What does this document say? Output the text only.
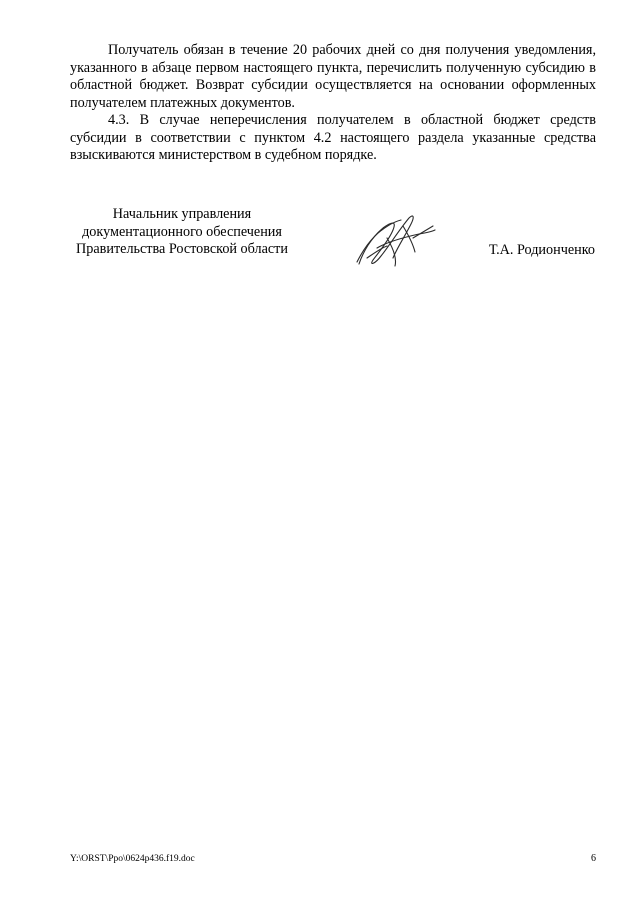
Получатель обязан в течение 20 рабочих дней со дня получения уведомления, указанного в абзаце первом настоящего пункта, перечислить полученную субсидию в областной бюджет. Возврат субсидии осуществляется на основании оформленных получателем платежных документов.

4.3. В случае неперечисления получателем в областной бюджет средств субсидии в соответствии с пунктом 4.2 настоящего раздела указанные средства взыскиваются министерством в судебном порядке.

Начальник управления
документационного обеспечения
Правительства Ростовской области	Т.А. Родионченко
Y:\ORST\Ppo\0624p436.f19.doc	6
